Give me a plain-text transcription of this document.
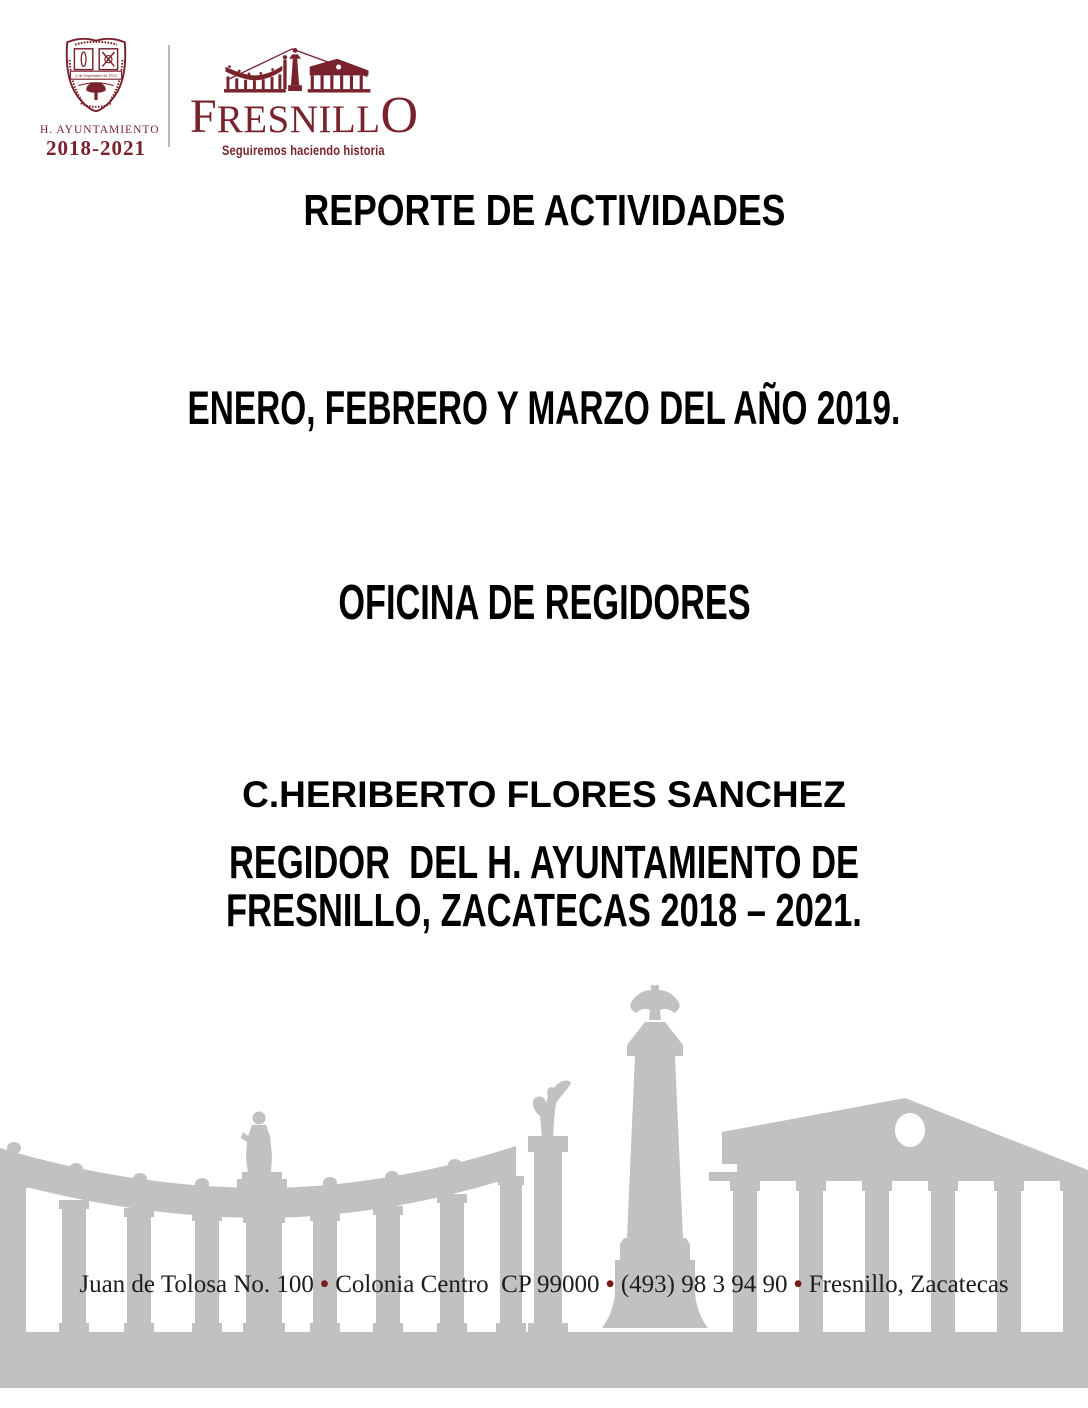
2 de Septiembre de 1554
H. AYUNTAMIENTO
2018-2021
FRESNILLO
Seguiremos haciendo historia
REPORTE DE ACTIVIDADES
ENERO, FEBRERO Y MARZO DEL AÑO 2019.
OFICINA DE REGIDORES
C.HERIBERTO FLORES SANCHEZ
REGIDOR  DEL H. AYUNTAMIENTO DE
FRESNILLO, ZACATECAS 2018 – 2021.
Juan de Tolosa No. 100 • Colonia Centro  CP 99000 • (493) 98 3 94 90 • Fresnillo, Zacatecas
